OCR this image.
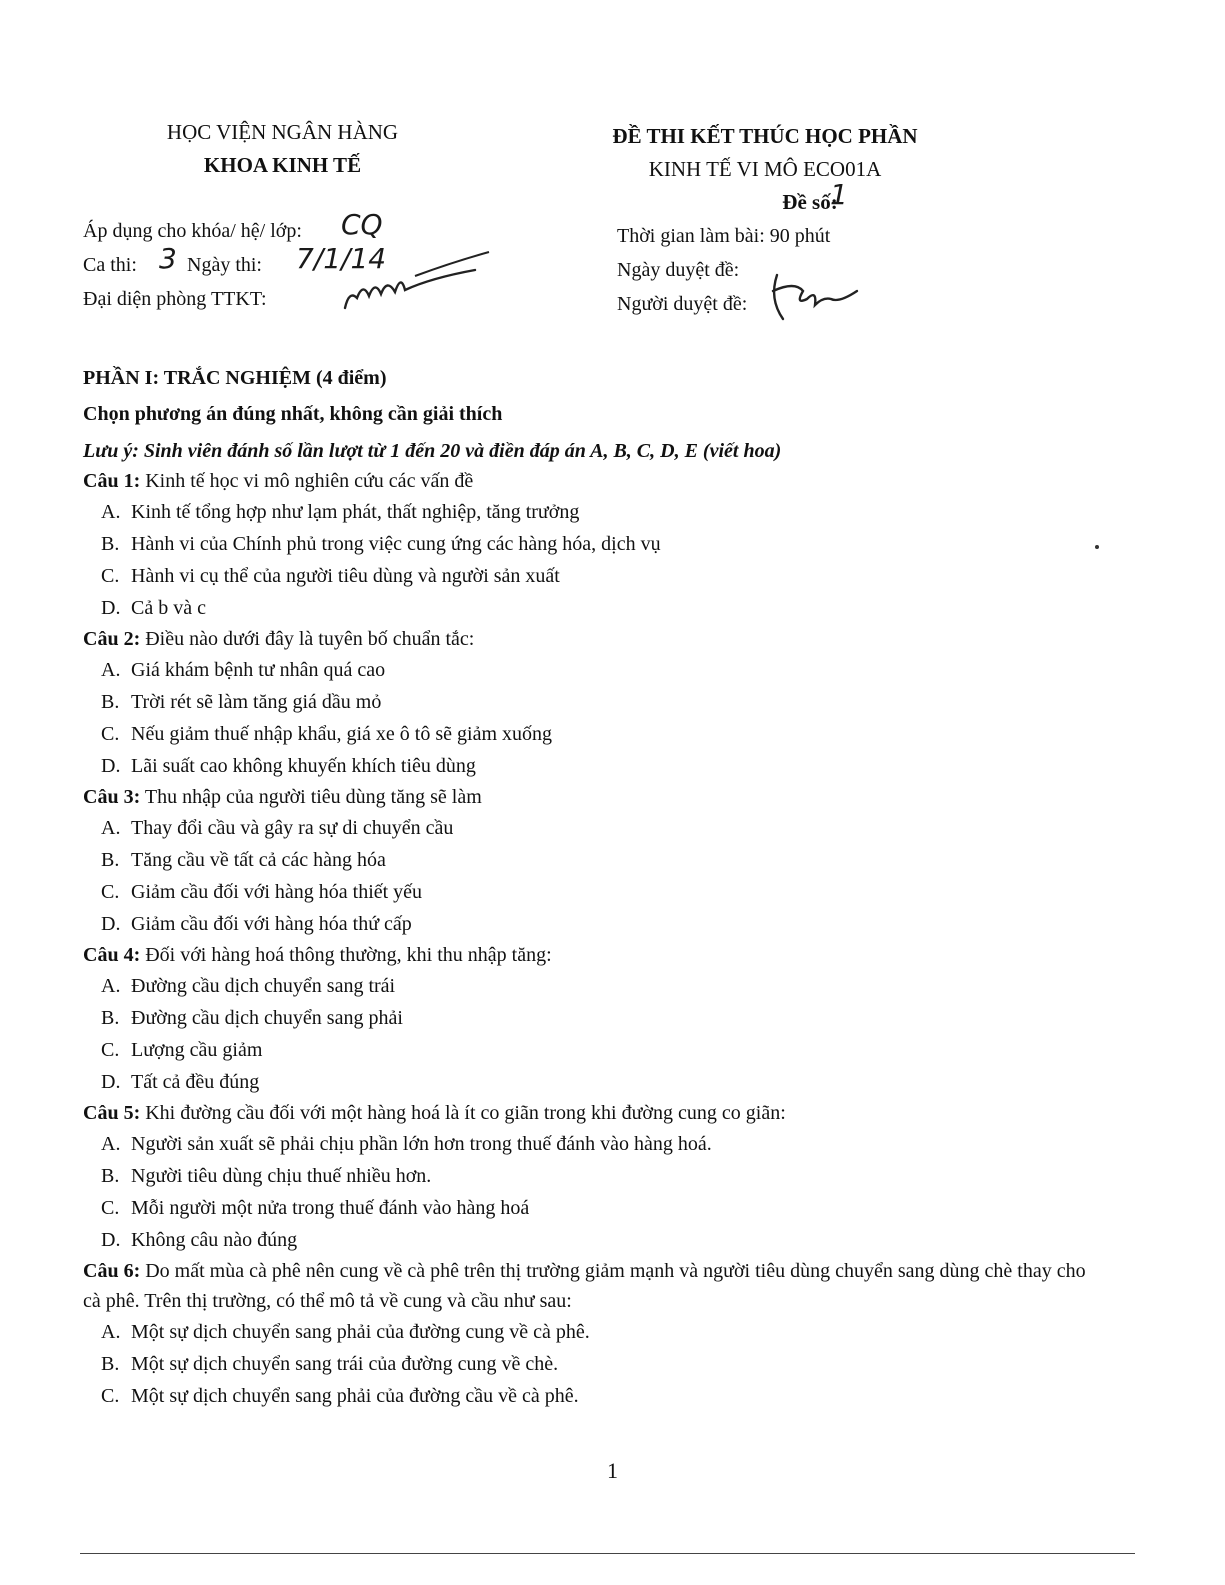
HỌC VIỆN NGÂN HÀNG
KHOA KINH TẾ
ĐỀ THI KẾT THÚC HỌC PHẦN
KINH TẾ VI MÔ ECO01A
Đề số:
1
Áp dụng cho khóa/ hệ/ lớp: CQ
Ca thi: 3 Ngày thi: 7/1/14
Đại diện phòng TTKT:
Thời gian làm bài: 90 phút
Ngày duyệt đề:
Người duyệt đề:
PHẦN I: TRẮC NGHIỆM (4 điểm)
Chọn phương án đúng nhất, không cần giải thích
Lưu ý: Sinh viên đánh số lần lượt từ 1 đến 20 và điền đáp án A, B, C, D, E (viết hoa)

Câu 1: Kinh tế học vi mô nghiên cứu các vấn đề

A. Kinh tế tổng hợp như lạm phát, thất nghiệp, tăng trưởng
B. Hành vi của Chính phủ trong việc cung ứng các hàng hóa, dịch vụ
C. Hành vi cụ thể của người tiêu dùng và người sản xuất
D. Cả b và c

Câu 2: Điều nào dưới đây là tuyên bố chuẩn tắc:

A. Giá khám bệnh tư nhân quá cao
B. Trời rét sẽ làm tăng giá dầu mỏ
C. Nếu giảm thuế nhập khẩu, giá xe ô tô sẽ giảm xuống
D. Lãi suất cao không khuyến khích tiêu dùng

Câu 3: Thu nhập của người tiêu dùng tăng sẽ làm

A. Thay đổi cầu và gây ra sự di chuyển cầu
B. Tăng cầu về tất cả các hàng hóa
C. Giảm cầu đối với hàng hóa thiết yếu
D. Giảm cầu đối với hàng hóa thứ cấp

Câu 4: Đối với hàng hoá thông thường, khi thu nhập tăng:

A. Đường cầu dịch chuyển sang trái
B. Đường cầu dịch chuyển sang phải
C. Lượng cầu giảm
D. Tất cả đều đúng

Câu 5: Khi đường cầu đối với một hàng hoá là ít co giãn trong khi đường cung co giãn:

A. Người sản xuất sẽ phải chịu phần lớn hơn trong thuế đánh vào hàng hoá.
B. Người tiêu dùng chịu thuế nhiều hơn.
C. Mỗi người một nửa trong thuế đánh vào hàng hoá
D. Không câu nào đúng

Câu 6: Do mất mùa cà phê nên cung về cà phê trên thị trường giảm mạnh và người tiêu dùng chuyển sang dùng chè thay cho cà phê. Trên thị trường, có thể mô tả về cung và cầu như sau:

A. Một sự dịch chuyển sang phải của đường cung về cà phê.
B. Một sự dịch chuyển sang trái của đường cung về chè.
C. Một sự dịch chuyển sang phải của đường cầu về cà phê.
1
